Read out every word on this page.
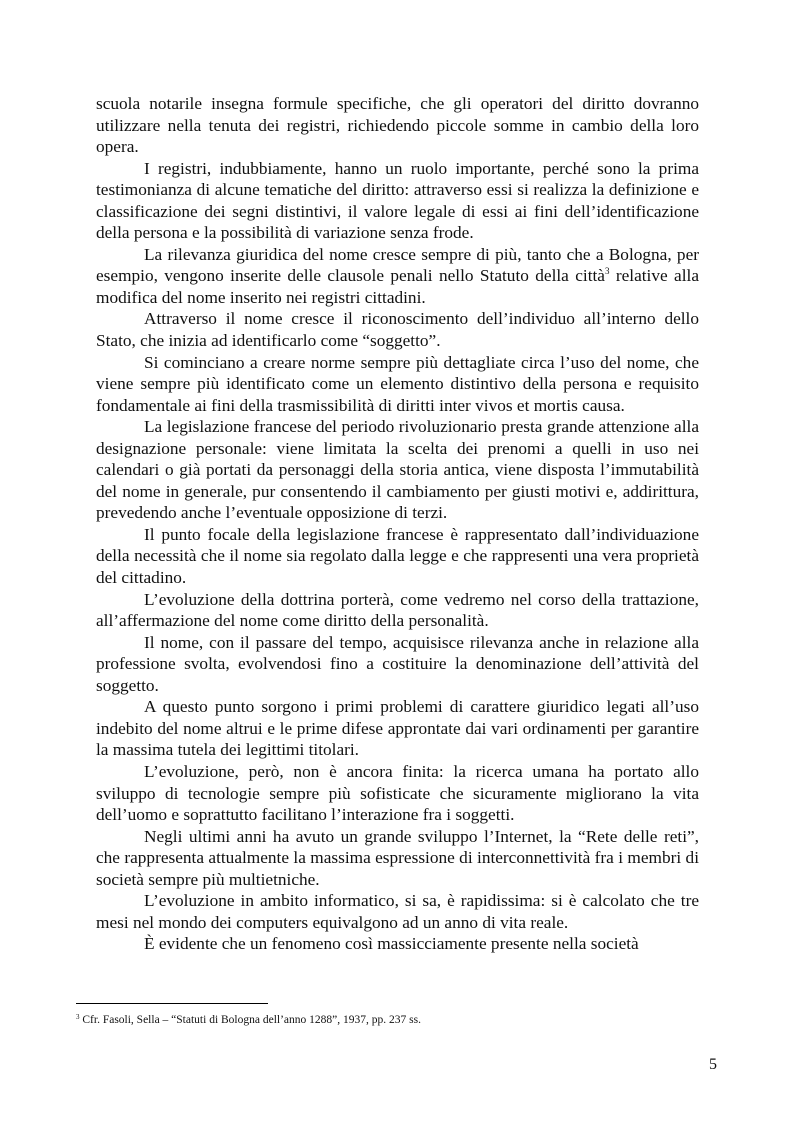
scuola notarile insegna formule specifiche, che gli operatori del diritto dovranno utilizzare nella tenuta dei registri, richiedendo piccole somme in cambio della loro opera.

I registri, indubbiamente, hanno un ruolo importante, perché sono la prima testimonianza di alcune tematiche del diritto: attraverso essi si realizza la definizione e classificazione dei segni distintivi, il valore legale di essi ai fini dell’identificazione della persona e la possibilità di variazione senza frode.

La rilevanza giuridica del nome cresce sempre di più, tanto che a Bologna, per esempio, vengono inserite delle clausole penali nello Statuto della città$^3$ relative alla modifica del nome inserito nei registri cittadini.

Attraverso il nome cresce il riconoscimento dell’individuo all’interno dello Stato, che inizia ad identificarlo come “soggetto”.

Si cominciano a creare norme sempre più dettagliate circa l’uso del nome, che viene sempre più identificato come un elemento distintivo della persona e requisito fondamentale ai fini della trasmissibilità di diritti inter vivos et mortis causa.

La legislazione francese del periodo rivoluzionario presta grande attenzione alla designazione personale: viene limitata la scelta dei prenomi a quelli in uso nei calendari o già portati da personaggi della storia antica, viene disposta l’immutabilità del nome in generale, pur consentendo il cambiamento per giusti motivi e, addirittura, prevedendo anche l’eventuale opposizione di terzi.

Il punto focale della legislazione francese è rappresentato dall’individuazione della necessità che il nome sia regolato dalla legge e che rappresenti una vera proprietà del cittadino.

L’evoluzione della dottrina porterà, come vedremo nel corso della trattazione, all’affermazione del nome come diritto della personalità.

Il nome, con il passare del tempo, acquisisce rilevanza anche in relazione alla professione svolta, evolvendosi fino a costituire la denominazione dell’attività del soggetto.

A questo punto sorgono i primi problemi di carattere giuridico legati all’uso indebito del nome altrui e le prime difese approntate dai vari ordinamenti per garantire la massima tutela dei legittimi titolari.

L’evoluzione, però, non è ancora finita: la ricerca umana ha portato allo sviluppo di tecnologie sempre più sofisticate che sicuramente migliorano la vita dell’uomo e soprattutto facilitano l’interazione fra i soggetti.

Negli ultimi anni ha avuto un grande sviluppo l’Internet, la “Rete delle reti”, che rappresenta attualmente la massima espressione di interconnettività fra i membri di società sempre più multietniche.

L’evoluzione in ambito informatico, si sa, è rapidissima: si è calcolato che tre mesi nel mondo dei computers equivalgono ad un anno di vita reale.

È evidente che un fenomeno così massicciamente presente nella società

$^3$ Cfr. Fasoli, Sella – “Statuti di Bologna dell’anno 1288”, 1937, pp. 237 ss.
5
